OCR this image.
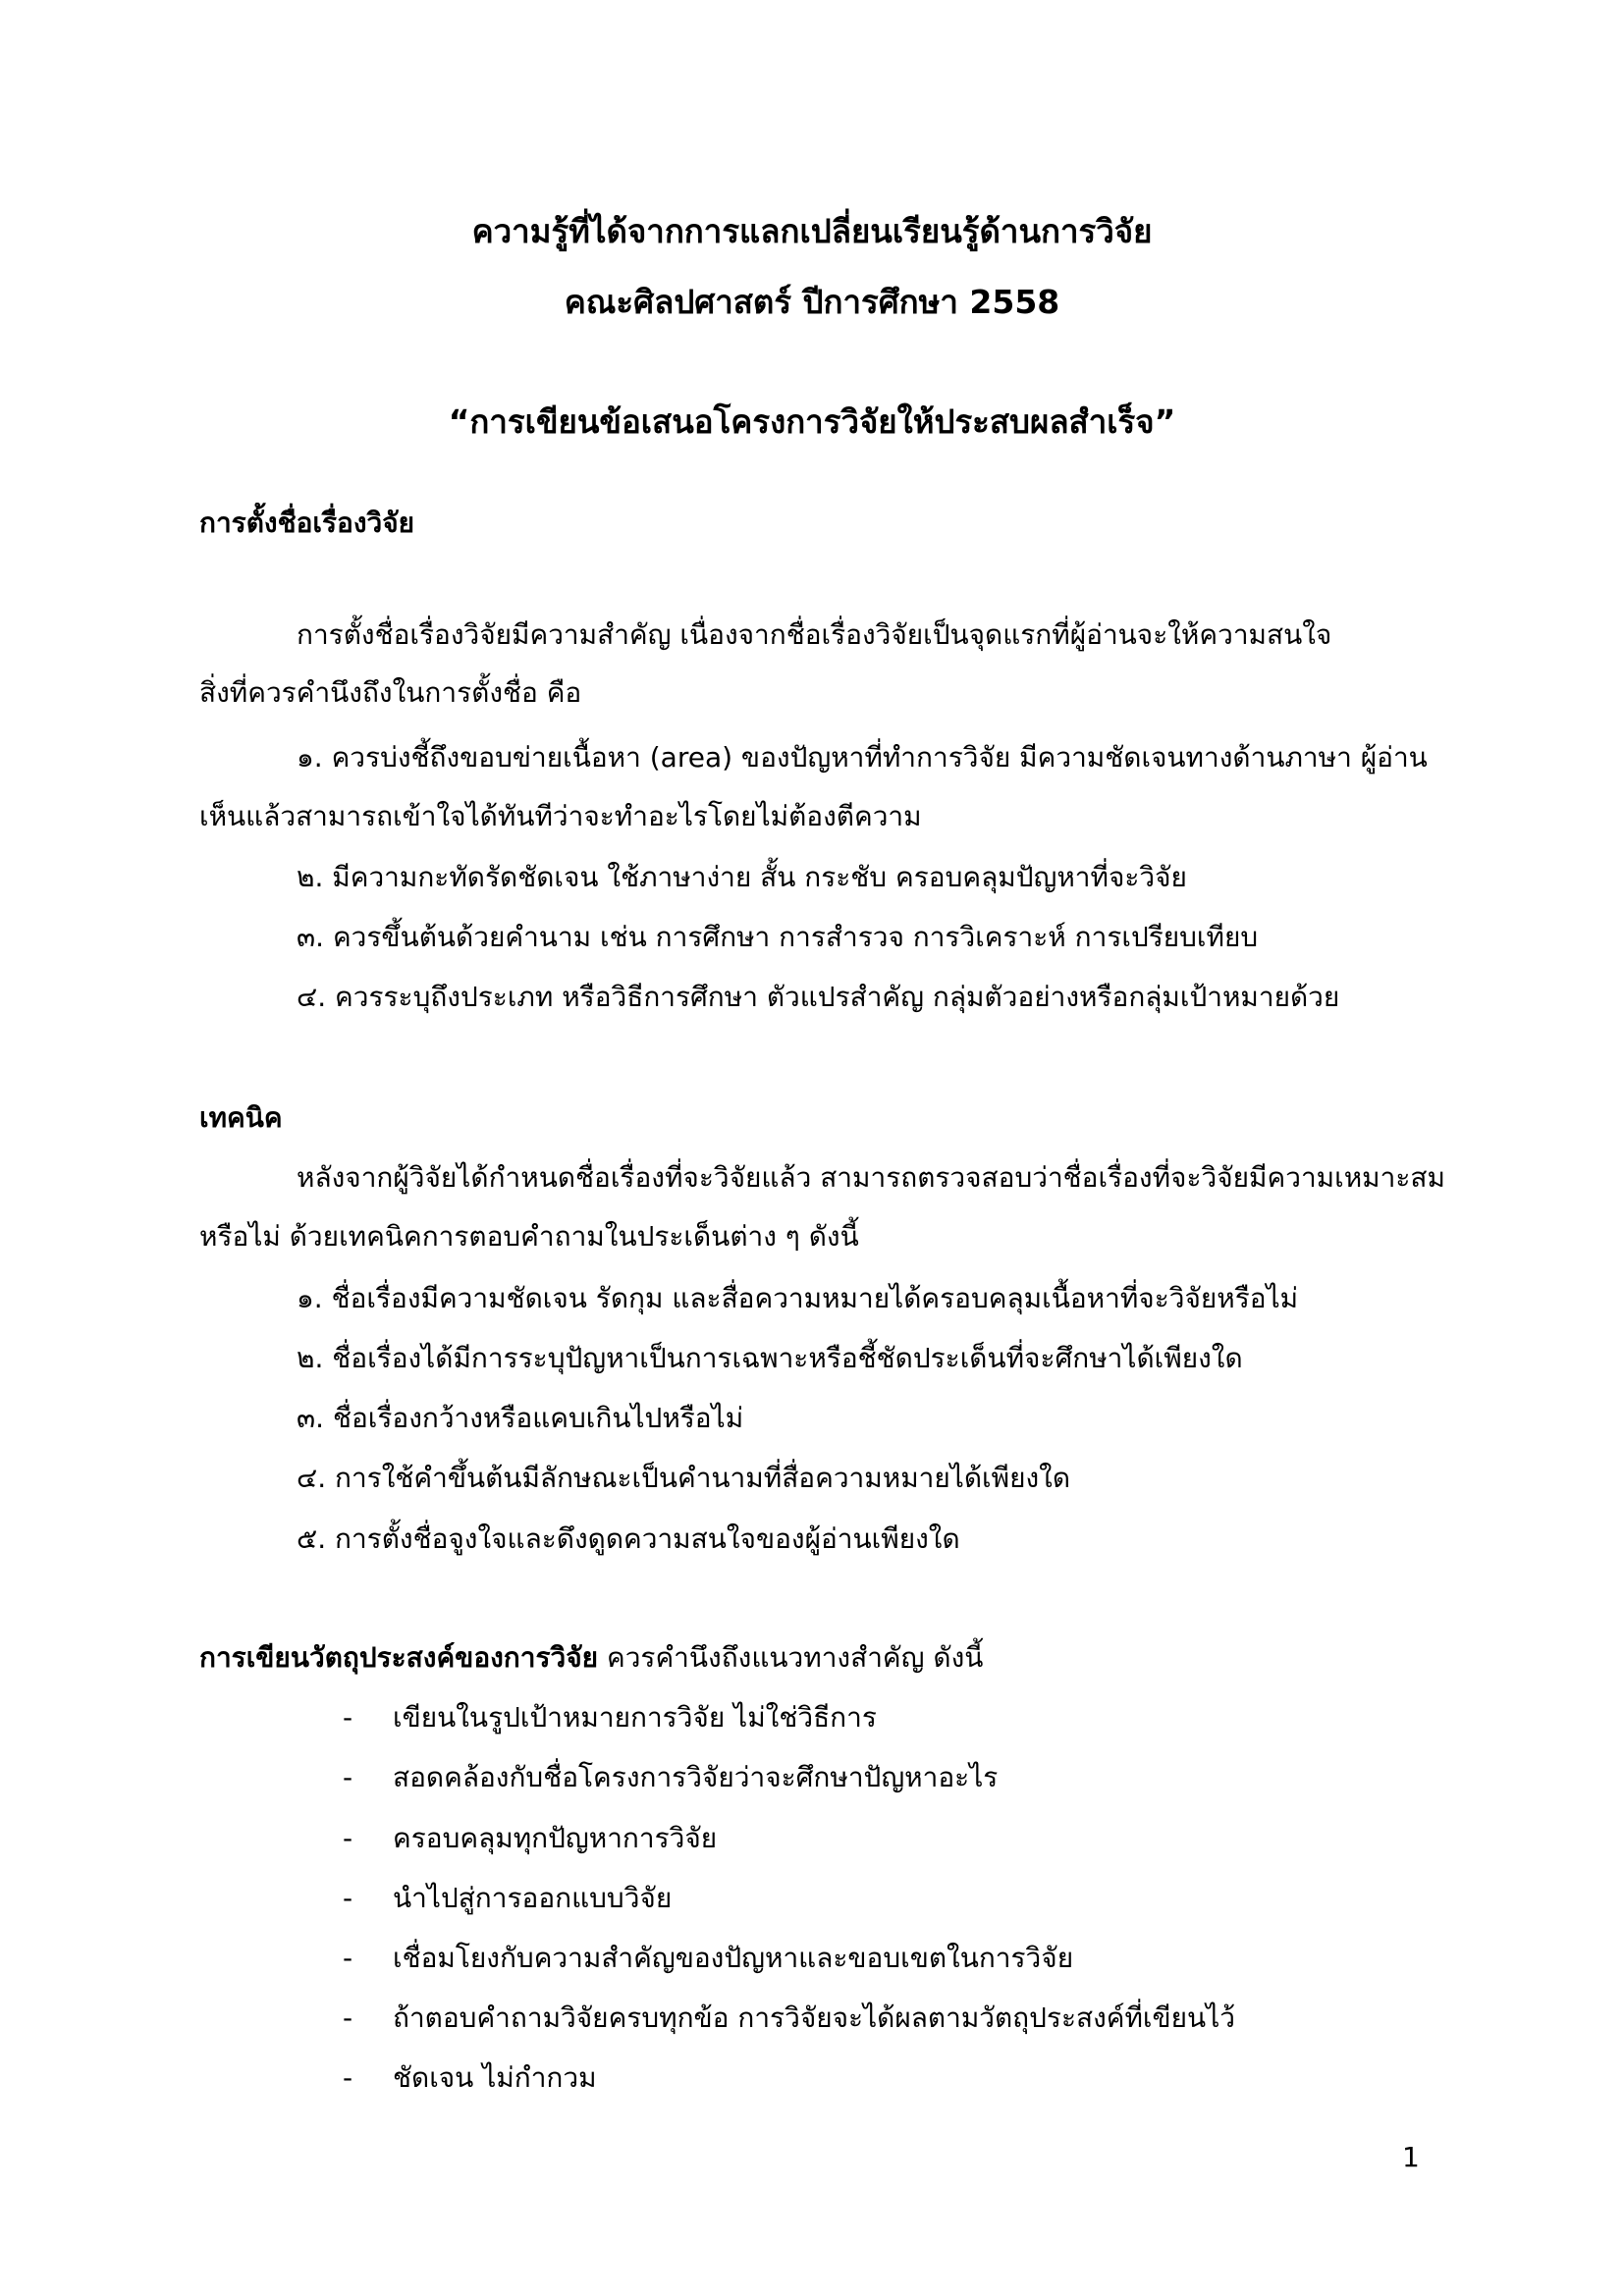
ความรู้ที่ได้จากการแลกเปลี่ยนเรียนรู้ด้านการวิจัย
คณะศิลปศาสตร์ ปีการศึกษา 2558
“การเขียนข้อเสนอโครงการวิจัยให้ประสบผลสำเร็จ”
การตั้งชื่อเรื่องวิจัย
การตั้งชื่อเรื่องวิจัยมีความสำคัญ เนื่องจากชื่อเรื่องวิจัยเป็นจุดแรกที่ผู้อ่านจะให้ความสนใจ
สิ่งที่ควรคำนึงถึงในการตั้งชื่อ คือ
๑. ควรบ่งชี้ถึงขอบข่ายเนื้อหา (area) ของปัญหาที่ทำการวิจัย มีความชัดเจนทางด้านภาษา ผู้อ่าน
เห็นแล้วสามารถเข้าใจได้ทันทีว่าจะทำอะไรโดยไม่ต้องตีความ
๒. มีความกะทัดรัดชัดเจน ใช้ภาษาง่าย สั้น กระชับ ครอบคลุมปัญหาที่จะวิจัย
๓. ควรขึ้นต้นด้วยคำนาม เช่น การศึกษา การสำรวจ การวิเคราะห์ การเปรียบเทียบ
๔. ควรระบุถึงประเภท หรือวิธีการศึกษา ตัวแปรสำคัญ กลุ่มตัวอย่างหรือกลุ่มเป้าหมายด้วย
เทคนิค
หลังจากผู้วิจัยได้กำหนดชื่อเรื่องที่จะวิจัยแล้ว สามารถตรวจสอบว่าชื่อเรื่องที่จะวิจัยมีความเหมาะสม
หรือไม่ ด้วยเทคนิคการตอบคำถามในประเด็นต่าง ๆ ดังนี้
๑. ชื่อเรื่องมีความชัดเจน รัดกุม และสื่อความหมายได้ครอบคลุมเนื้อหาที่จะวิจัยหรือไม่
๒. ชื่อเรื่องได้มีการระบุปัญหาเป็นการเฉพาะหรือชี้ชัดประเด็นที่จะศึกษาได้เพียงใด
๓. ชื่อเรื่องกว้างหรือแคบเกินไปหรือไม่
๔. การใช้คำขึ้นต้นมีลักษณะเป็นคำนามที่สื่อความหมายได้เพียงใด
๕. การตั้งชื่อจูงใจและดึงดูดความสนใจของผู้อ่านเพียงใด
การเขียนวัตถุประสงค์ของการวิจัย ควรคำนึงถึงแนวทางสำคัญ ดังนี้
- เขียนในรูปเป้าหมายการวิจัย ไม่ใช่วิธีการ
- สอดคล้องกับชื่อโครงการวิจัยว่าจะศึกษาปัญหาอะไร
- ครอบคลุมทุกปัญหาการวิจัย
- นำไปสู่การออกแบบวิจัย
- เชื่อมโยงกับความสำคัญของปัญหาและขอบเขตในการวิจัย
- ถ้าตอบคำถามวิจัยครบทุกข้อ การวิจัยจะได้ผลตามวัตถุประสงค์ที่เขียนไว้
- ชัดเจน ไม่กำกวม
1
